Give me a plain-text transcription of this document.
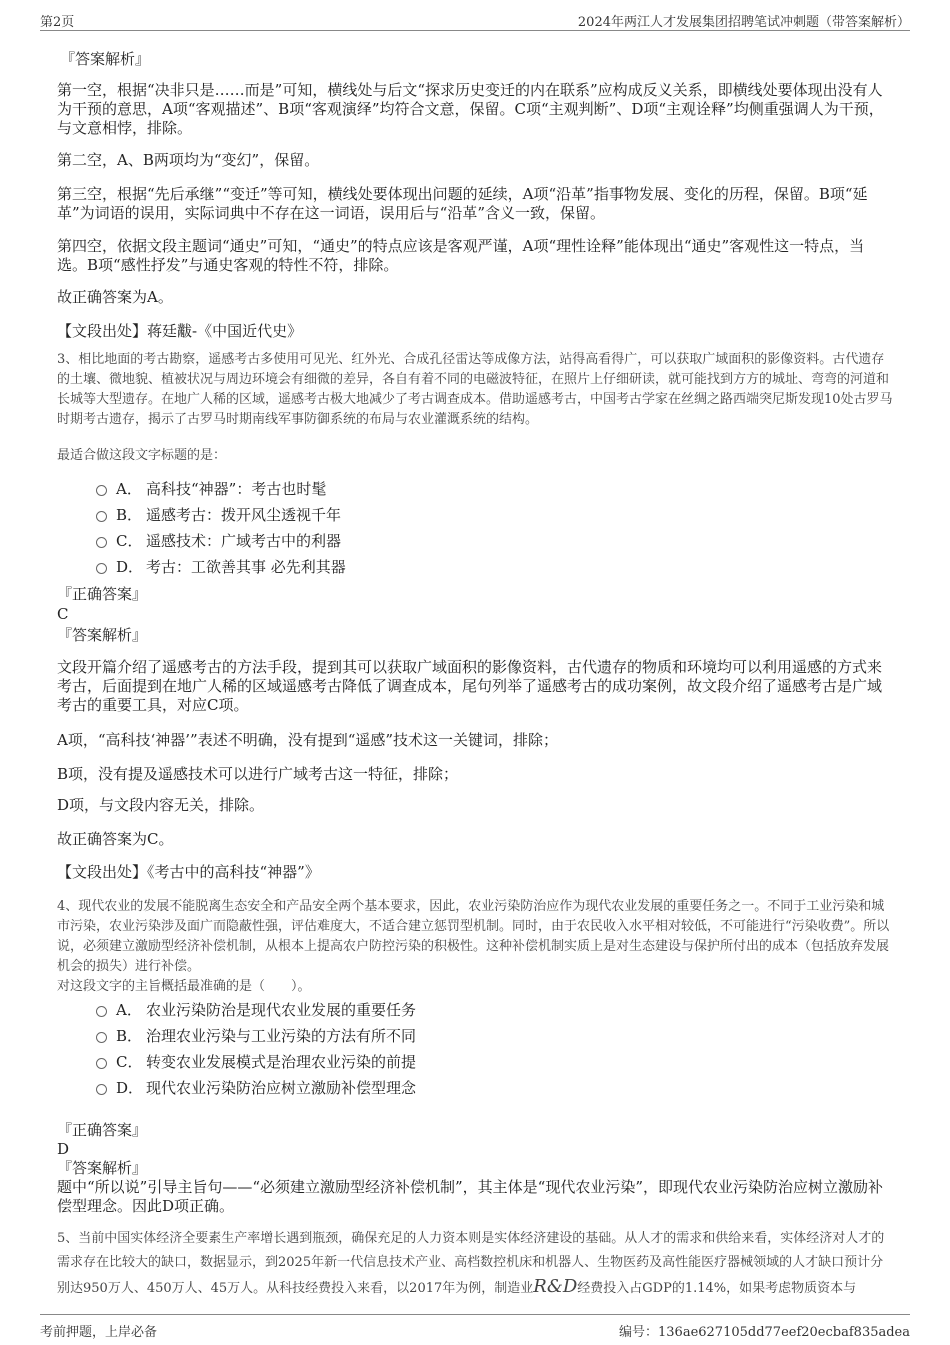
第2页	2024年两江人才发展集团招聘笔试冲刺题（带答案解析）
『答案解析』
第一空，根据“决非只是……而是”可知，横线处与后文“探求历史变迁的内在联系”应构成反义关系，即横线处要体现出没有人为干预的意思，A项“客观描述”、B项“客观演绎”均符合文意，保留。C项“主观判断”、D项“主观诠释”均侧重强调人为干预，与文意相悖，排除。
第二空，A、B两项均为“变幻”，保留。
第三空，根据“先后承继”“变迁”等可知，横线处要体现出问题的延续，A项“沿革”指事物发展、变化的历程，保留。B项“延革”为词语的误用，实际词典中不存在这一词语，误用后与“沿革”含义一致，保留。
第四空，依据文段主题词“通史”可知，“通史”的特点应该是客观严谨，A项“理性诠释”能体现出“通史”客观性这一特点，当选。B项“感性抒发”与通史客观的特性不符，排除。
故正确答案为A。
【文段出处】蒋廷黻-《中国近代史》
3、相比地面的考古勘察，遥感考古多使用可见光、红外光、合成孔径雷达等成像方法，站得高看得广，可以获取广域面积的影像资料。古代遗存的土壤、微地貌、植被状况与周边环境会有细微的差异，各自有着不同的电磁波特征，在照片上仔细研读，就可能找到方方的城址、弯弯的河道和长城等大型遗存。在地广人稀的区域，遥感考古极大地减少了考古调查成本。借助遥感考古，中国考古学家在丝绸之路西端突尼斯发现10处古罗马时期考古遗存，揭示了古罗马时期南线军事防御系统的布局与农业灌溉系统的结构。
最适合做这段文字标题的是：
A． 高科技“神器”：考古也时髦
B． 遥感考古：拨开风尘透视千年
C． 遥感技术：广域考古中的利器
D． 考古：工欲善其事 必先利其器
『正确答案』
C
『答案解析』
文段开篇介绍了遥感考古的方法手段，提到其可以获取广域面积的影像资料，古代遗存的物质和环境均可以利用遥感的方式来考古，后面提到在地广人稀的区域遥感考古降低了调查成本，尾句列举了遥感考古的成功案例，故文段介绍了遥感考古是广域考古的重要工具，对应C项。
A项，“高科技‘神器’”表述不明确，没有提到“遥感”技术这一关键词，排除；
B项，没有提及遥感技术可以进行广域考古这一特征，排除；
D项，与文段内容无关，排除。
故正确答案为C。
【文段出处】《考古中的高科技“神器”》
4、现代农业的发展不能脱离生态安全和产品安全两个基本要求，因此，农业污染防治应作为现代农业发展的重要任务之一。不同于工业污染和城市污染，农业污染涉及面广而隐蔽性强，评估难度大，不适合建立惩罚型机制。同时，由于农民收入水平相对较低，不可能进行“污染收费”。所以说，必须建立激励型经济补偿机制，从根本上提高农户防控污染的积极性。这种补偿机制实质上是对生态建设与保护所付出的成本（包括放弃发展机会的损失）进行补偿。
对这段文字的主旨概括最准确的是（　　）。
A． 农业污染防治是现代农业发展的重要任务
B． 治理农业污染与工业污染的方法有所不同
C． 转变农业发展模式是治理农业污染的前提
D． 现代农业污染防治应树立激励补偿型理念
『正确答案』
D
『答案解析』
题中“所以说”引导主旨句——“必须建立激励型经济补偿机制”，其主体是“现代农业污染”，即现代农业污染防治应树立激励补偿型理念。因此D项正确。
5、当前中国实体经济全要素生产率增长遇到瓶颈，确保充足的人力资本则是实体经济建设的基础。从人才的需求和供给来看，实体经济对人才的需求存在比较大的缺口，数据显示，到2025年新一代信息技术产业、高档数控机床和机器人、生物医药及高性能医疗器械领域的人才缺口预计分别达950万人、450万人、45万人。从科技经费投入来看，以2017年为例，制造业R&D经费投入占GDP的1.14%，如果考虑物质资本与
考前押题，上岸必备	编号：136ae627105dd77eef20ecbaf835adea
